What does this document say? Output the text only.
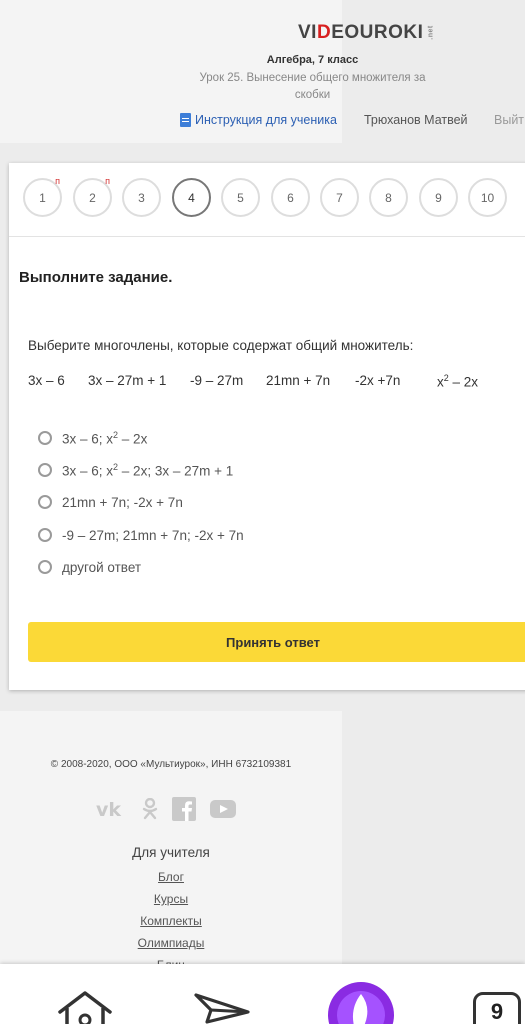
VIDEOUROKI .net
Алгебра, 7 класс
Урок 25. Вынесение общего множителя за скобки
Инструкция для ученика Трюханов Матвей Выйт
1
п
2
п
3	4	5	6	7	8	9	10
Выполните задание.
Выберите многочлены, которые содержат общий множитель:
3x – 6 3x – 27m + 1 -9 – 27m 21mn + 7n -2x +7n	$x^2 - 2x$
3x – 6; $x^2 - 2x$
3x – 6; $x^2 - 2x$; 3x – 27m + 1
21mn + 7n; -2x + 7n
-9 – 27m; 21mn + 7n; -2x + 7n
другой ответ
Принять ответ
© 2008-2020, ООО «Мультиурок», ИНН 6732109381
vk
Для учителя
Блог
Курсы
Комплекты
Олимпиады
9
